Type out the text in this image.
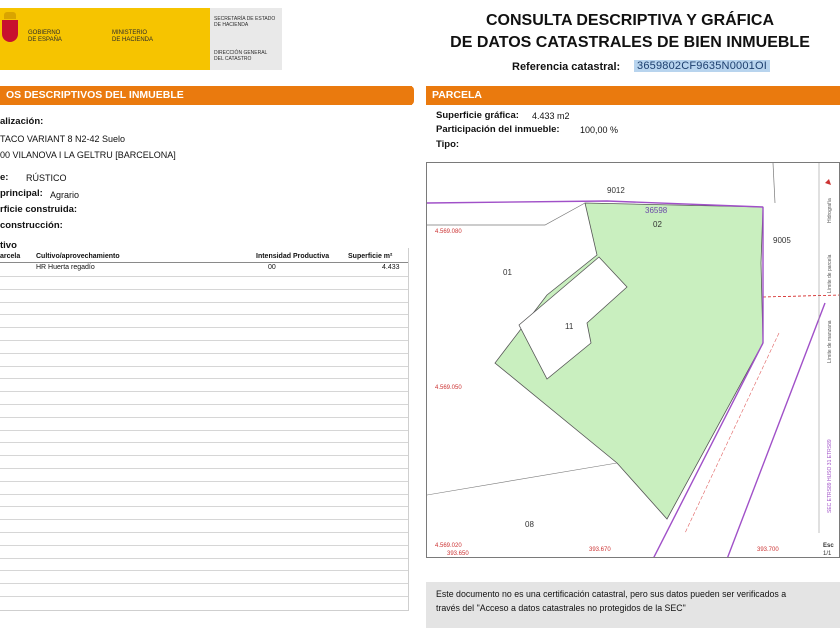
GOBIERNO
DE ESPAÑA
MINISTERIO
DE HACIENDA
SECRETARÍA DE ESTADO
DE HACIENDA
DIRECCIÓN GENERAL
DEL CATASTRO
CONSULTA DESCRIPTIVA Y GRÁFICA
DE DATOS CATASTRALES DE BIEN INMUEBLE
Referencia catastral: 3659802CF9635N0001OI
OS DESCRIPTIVOS DEL INMUEBLE
alización:
TACO VARIANT 8 N2-42 Suelo
00 VILANOVA I LA GELTRU [BARCELONA]
e: RÚSTICO
principal: Agrario
rficie construida:
construcción:
tivo
arcela Cultivo/aprovechamiento	Intensidad Productiva	Superficie m²
HR Huerta regadío	00	4.433
PARCELA
Superficie gráfica: 4.433 m2
Participación del inmueble: 100,00 %
Tipo:
9012
36598
02
9005
01
11
08
4.569.080
4.569.050
4.569.020
393.650
393.670	393.700
Esc
1/1
Hidrografía
Límite de parcela
Límite de manzana
SEC ETRS89 HUSO 31 ETRS89
Este documento no es una certificación catastral, pero sus datos pueden ser verificados a
través del "Acceso a datos catastrales no protegidos de la SEC"
